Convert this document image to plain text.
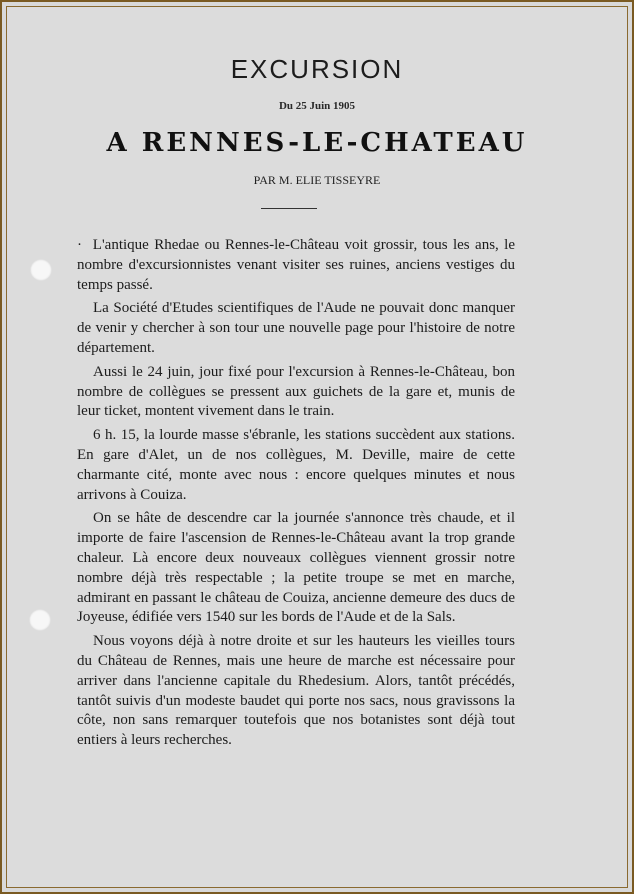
EXCURSION
Du 25 Juin 1905
A RENNES-LE-CHATEAU
PAR M. ELIE TISSEYRE

·  L'antique Rhedae ou Rennes-le-Château voit grossir, tous les ans, le nombre d'excursionnistes venant visiter ses ruines, anciens vestiges du temps passé.

La Société d'Etudes scientifiques de l'Aude ne pouvait donc manquer de venir y chercher à son tour une nouvelle page pour l'histoire de notre département.

Aussi le 24 juin, jour fixé pour l'excursion à Rennes-le-Château, bon nombre de collègues se pressent aux guichets de la gare et, munis de leur ticket, montent vivement dans le train.

6 h. 15, la lourde masse s'ébranle, les stations succèdent aux stations. En gare d'Alet, un de nos collègues, M. Deville, maire de cette charmante cité, monte avec nous : encore quelques minutes et nous arrivons à Couiza.

On se hâte de descendre car la journée s'annonce très chaude, et il importe de faire l'ascension de Rennes-le-Château avant la trop grande chaleur. Là encore deux nouveaux collègues viennent grossir notre nombre déjà très respectable ; la petite troupe se met en marche, admirant en passant le château de Couiza, ancienne demeure des ducs de Joyeuse, édifiée vers 1540 sur les bords de l'Aude et de la Sals.

Nous voyons déjà à notre droite et sur les hauteurs les vieilles tours du Château de Rennes, mais une heure de marche est nécessaire pour arriver dans l'ancienne capitale du Rhedesium. Alors, tantôt précédés, tantôt suivis d'un modeste baudet qui porte nos sacs, nous gravissons la côte, non sans remarquer toutefois que nos botanistes sont déjà tout entiers à leurs recherches.
